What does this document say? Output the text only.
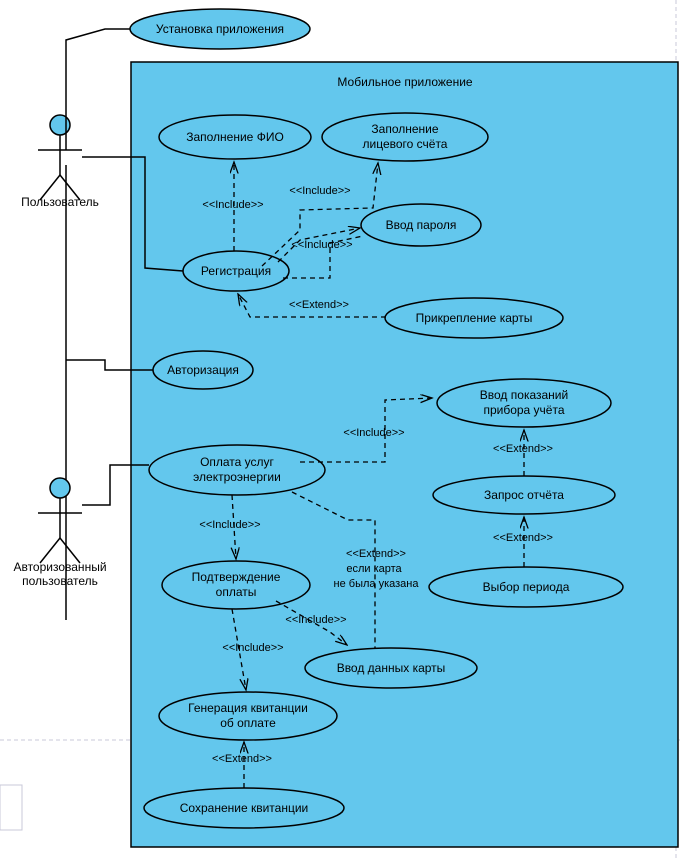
Мобильное приложение
Пользователь
Авторизованный
пользователь
Установка приложения
Заполнение ФИО
Заполнение
лицевого счёта
Ввод пароля
Регистрация
Прикрепление карты
Авторизация
Ввод показаний
прибора учёта
Оплата услуг
электроэнергии
Запрос отчёта
Выбор периода
Подтверждение
оплаты
Ввод данных карты
Генерация квитанции
об оплате
Сохранение квитанции
<<Include>>
<<Include>>
<<Include>>
<<Extend>>
<<Include>>
<<Extend>>
<<Extend>>
<<Include>>
<<Extend>>
если карта
не была указана
<<Include>>
<<Include>>
<<Extend>>
